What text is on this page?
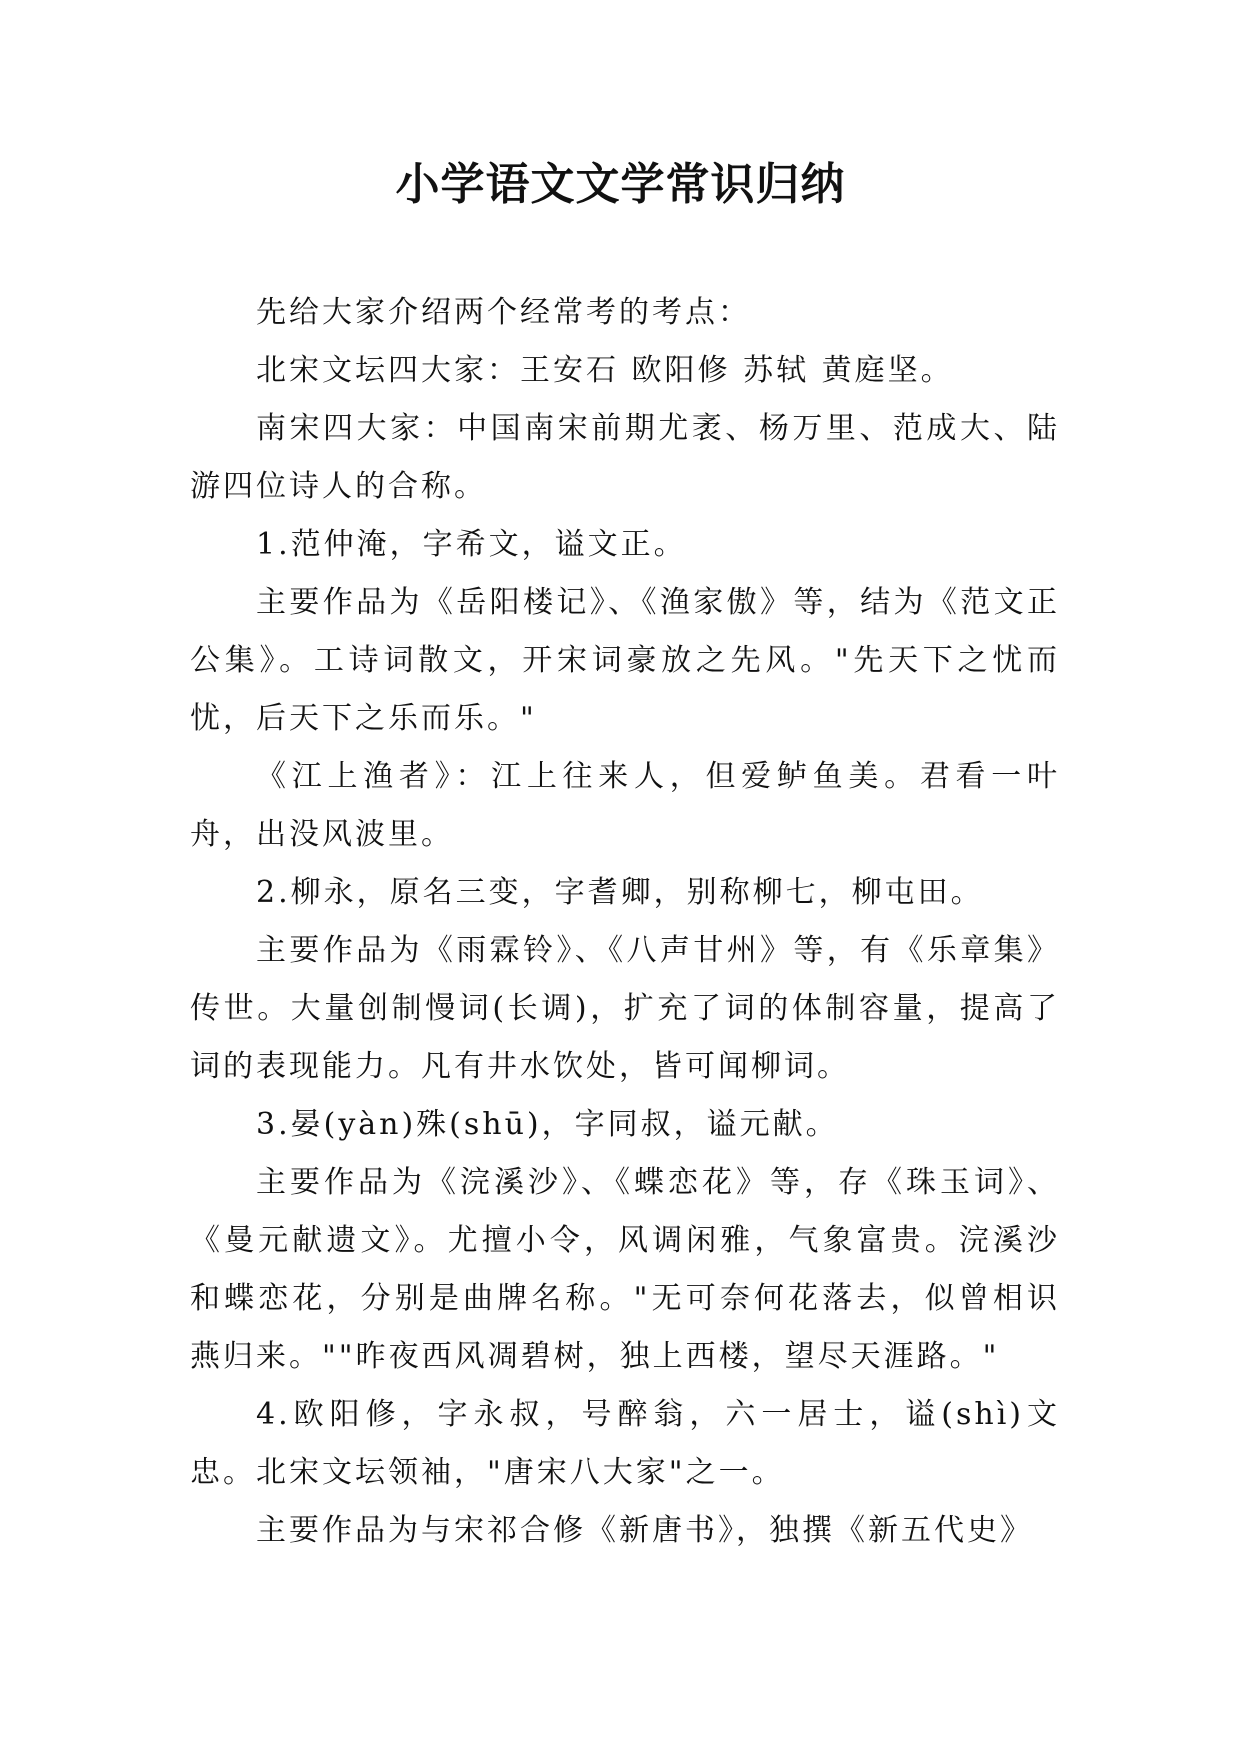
小学语文文学常识归纳

先给大家介绍两个经常考的考点：

北宋文坛四大家：王安石 欧阳修 苏轼 黄庭坚。

南宋四大家：中国南宋前期尤袤、杨万里、范成大、陆游四位诗人的合称。

1.范仲淹，字希文，谥文正。

主要作品为《岳阳楼记》、《渔家傲》等，结为《范文正公集》。工诗词散文，开宋词豪放之先风。"先天下之忧而忧，后天下之乐而乐。"

《江上渔者》：江上往来人，但爱鲈鱼美。君看一叶舟，出没风波里。

2.柳永，原名三变，字耆卿，别称柳七，柳屯田。

主要作品为《雨霖铃》、《八声甘州》等，有《乐章集》传世。大量创制慢词(长调)，扩充了词的体制容量，提高了词的表现能力。凡有井水饮处，皆可闻柳词。

3.晏(yàn)殊(shū)，字同叔，谥元献。

主要作品为《浣溪沙》、《蝶恋花》等，存《珠玉词》、《曼元献遗文》。尤擅小令，风调闲雅，气象富贵。浣溪沙和蝶恋花，分别是曲牌名称。"无可奈何花落去，似曾相识燕归来。""昨夜西风凋碧树，独上西楼，望尽天涯路。"

4.欧阳修，字永叔，号醉翁，六一居士，谥(shì)文忠。北宋文坛领袖，"唐宋八大家"之一。

主要作品为与宋祁合修《新唐书》，独撰《新五代史》
